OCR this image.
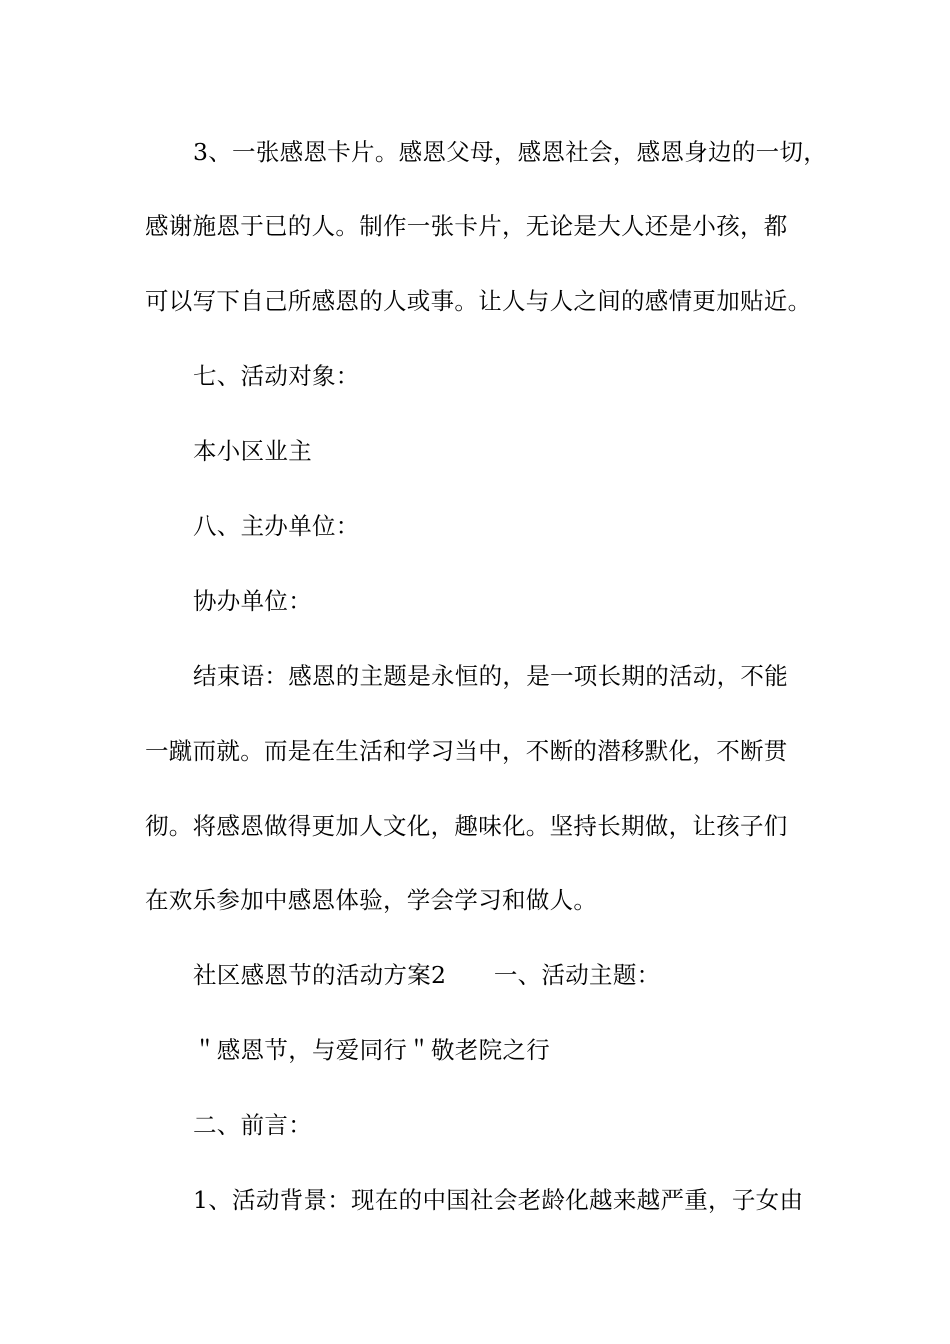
3、一张感恩卡片。感恩父母，感恩社会，感恩身边的一切，
感谢施恩于已的人。制作一张卡片，无论是大人还是小孩，都
可以写下自己所感恩的人或事。让人与人之间的感情更加贴近。
七、活动对象：
本小区业主
八、主办单位：
协办单位：
结束语：感恩的主题是永恒的，是一项长期的活动，不能
一蹴而就。而是在生活和学习当中，不断的潜移默化，不断贯
彻。将感恩做得更加人文化，趣味化。坚持长期做，让孩子们
在欢乐参加中感恩体验，学会学习和做人。
社区感恩节的活动方案2　　一、活动主题：
＂感恩节，与爱同行＂敬老院之行
二、前言：
1、活动背景：现在的中国社会老龄化越来越严重，子女由
